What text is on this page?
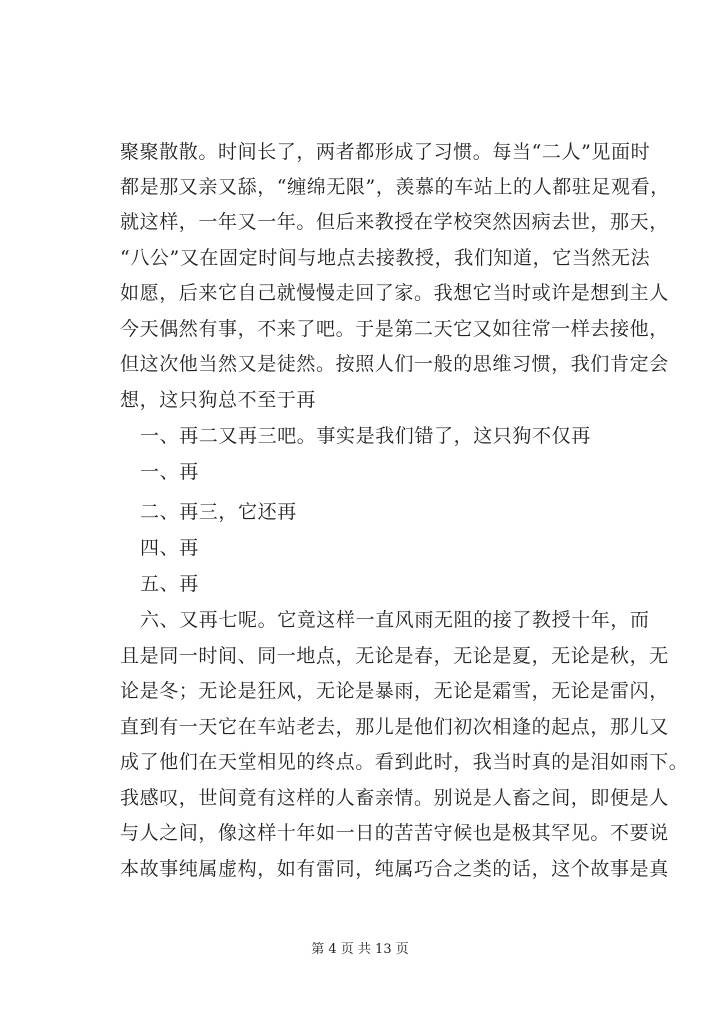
聚聚散散。时间长了，两者都形成了习惯。每当“二人”见面时
都是那又亲又舔，“缠绵无限”，羡慕的车站上的人都驻足观看，
就这样，一年又一年。但后来教授在学校突然因病去世，那天，
“八公”又在固定时间与地点去接教授，我们知道，它当然无法
如愿，后来它自己就慢慢走回了家。我想它当时或许是想到主人
今天偶然有事，不来了吧。于是第二天它又如往常一样去接他，
但这次他当然又是徒然。按照人们一般的思维习惯，我们肯定会
想，这只狗总不至于再
一、再二又再三吧。事实是我们错了，这只狗不仅再
一、再
二、再三，它还再
四、再
五、再
六、又再七呢。它竟这样一直风雨无阻的接了教授十年，而
且是同一时间、同一地点，无论是春，无论是夏，无论是秋，无
论是冬；无论是狂风，无论是暴雨，无论是霜雪，无论是雷闪，
直到有一天它在车站老去，那儿是他们初次相逢的起点，那儿又
成了他们在天堂相见的终点。看到此时，我当时真的是泪如雨下。
我感叹，世间竟有这样的人畜亲情。别说是人畜之间，即便是人
与人之间，像这样十年如一日的苦苦守候也是极其罕见。不要说
本故事纯属虚构，如有雷同，纯属巧合之类的话，这个故事是真
第 4 页 共 13 页
